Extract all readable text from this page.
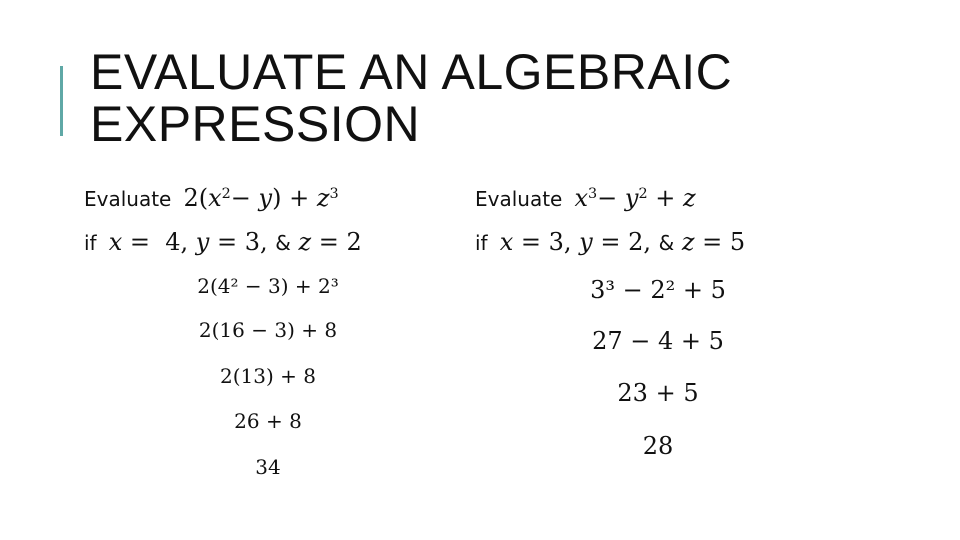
EVALUATE AN ALGEBRAIC
EXPRESSION
Evaluate  $2(x^2- y) + z^3$
if x =  4, y = 3, & z = 2
2(4² − 3) + 2³
2(16 − 3) + 8
2(13) + 8
26 + 8
34
Evaluate $x^3- y^2 + z$
if x = 3, y = 2, & z = 5
3³ − 2² + 5
27 − 4 + 5
23 + 5
28
